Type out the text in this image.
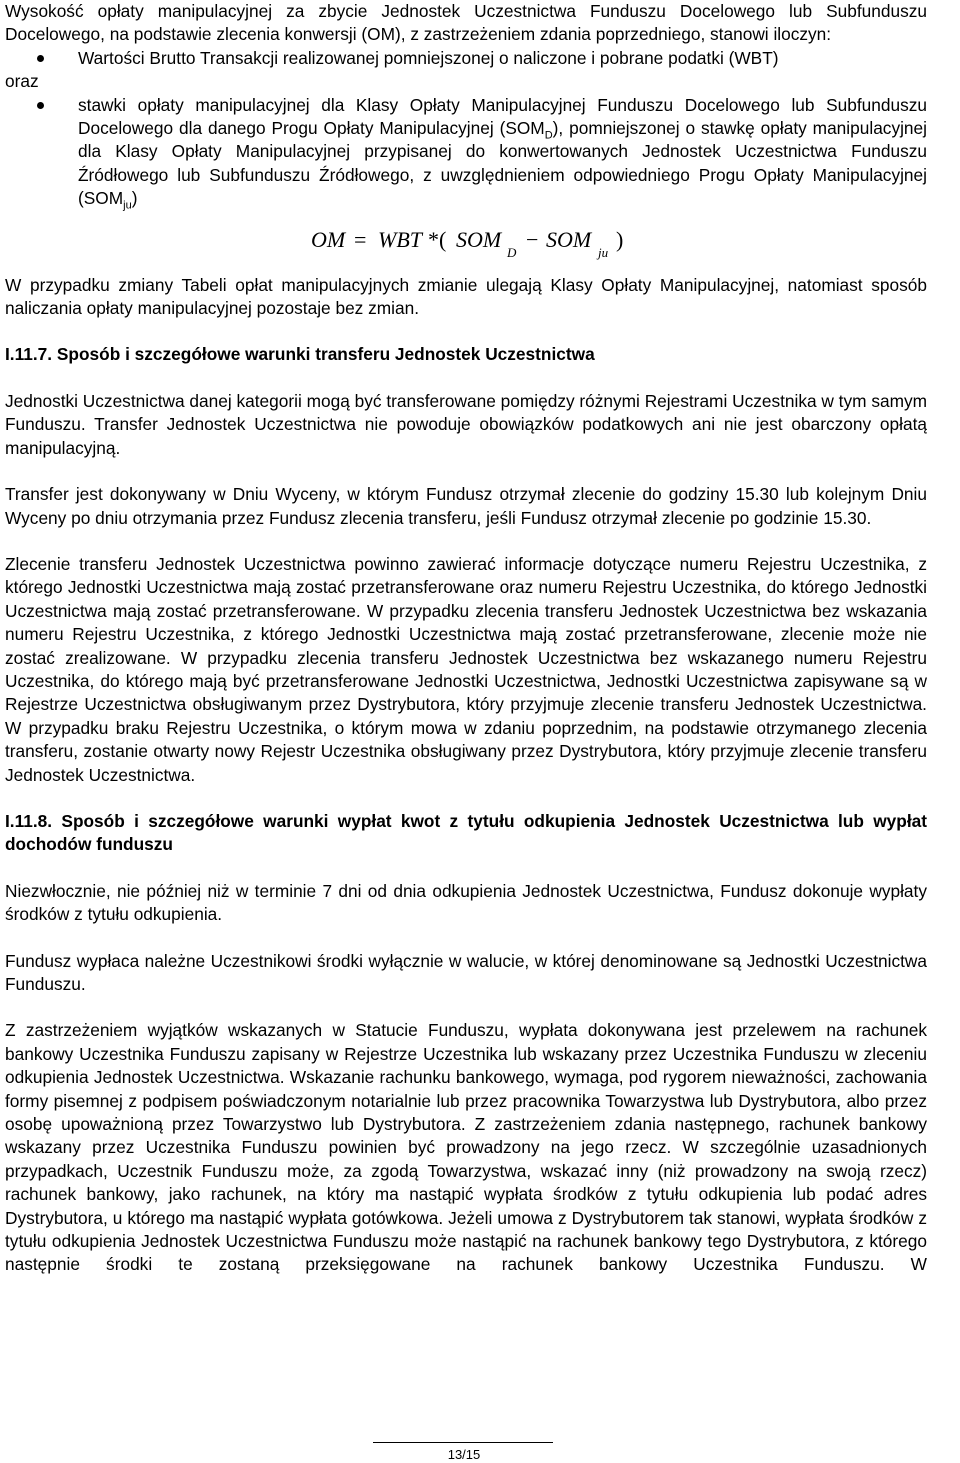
Wysokość opłaty manipulacyjnej za zbycie Jednostek Uczestnictwa Funduszu Docelowego lub Subfunduszu Docelowego, na podstawie zlecenia konwersji (OM), z zastrzeżeniem zdania poprzedniego, stanowi iloczyn:

Wartości Brutto Transakcji realizowanej pomniejszonej o naliczone i pobrane podatki (WBT)
oraz
stawki opłaty manipulacyjnej dla Klasy Opłaty Manipulacyjnej Funduszu Docelowego lub Subfunduszu Docelowego dla danego Progu Opłaty Manipulacyjnej $(SOM_D)$, pomniejszonej o stawkę opłaty manipulacyjnej dla Klasy Opłaty Manipulacyjnej przypisanej do konwertowanych Jednostek Uczestnictwa Funduszu Źródłowego lub Subfunduszu Źródłowego, z uwzględnieniem odpowiedniego Progu Opłaty Manipulacyjnej $(SOM_{ju})$
OM = WBT *( SOM
D
− SOM
ju
)

W przypadku zmiany Tabeli opłat manipulacyjnych zmianie ulegają Klasy Opłaty Manipulacyjnej, natomiast sposób naliczania opłaty manipulacyjnej pozostaje bez zmian.

I.11.7. Sposób i szczegółowe warunki transferu Jednostek Uczestnictwa

Jednostki Uczestnictwa danej kategorii mogą być transferowane pomiędzy różnymi Rejestrami Uczestnika w tym samym Funduszu. Transfer Jednostek Uczestnictwa nie powoduje obowiązków podatkowych ani nie jest obarczony opłatą manipulacyjną.

Transfer jest dokonywany w Dniu Wyceny, w którym Fundusz otrzymał zlecenie do godziny 15.30 lub kolejnym Dniu Wyceny po dniu otrzymania przez Fundusz zlecenia transferu, jeśli Fundusz otrzymał zlecenie po godzinie 15.30.

Zlecenie transferu Jednostek Uczestnictwa powinno zawierać informacje dotyczące numeru Rejestru Uczestnika, z którego Jednostki Uczestnictwa mają zostać przetransferowane oraz numeru Rejestru Uczestnika, do którego Jednostki Uczestnictwa mają zostać przetransferowane. W przypadku zlecenia transferu Jednostek Uczestnictwa bez wskazania numeru Rejestru Uczestnika, z którego Jednostki Uczestnictwa mają zostać przetransferowane, zlecenie może nie zostać zrealizowane. W przypadku zlecenia transferu Jednostek Uczestnictwa bez wskazanego numeru Rejestru Uczestnika, do którego mają być przetransferowane Jednostki Uczestnictwa, Jednostki Uczestnictwa zapisywane są w Rejestrze Uczestnictwa obsługiwanym przez Dystrybutora, który przyjmuje zlecenie transferu Jednostek Uczestnictwa. W przypadku braku Rejestru Uczestnika, o którym mowa w zdaniu poprzednim, na podstawie otrzymanego zlecenia transferu, zostanie otwarty nowy Rejestr Uczestnika obsługiwany przez Dystrybutora, który przyjmuje zlecenie transferu Jednostek Uczestnictwa.

I.11.8. Sposób i szczegółowe warunki wypłat kwot z tytułu odkupienia Jednostek Uczestnictwa lub wypłat dochodów funduszu

Niezwłocznie, nie później niż w terminie 7 dni od dnia odkupienia Jednostek Uczestnictwa, Fundusz dokonuje wypłaty środków z tytułu odkupienia.

Fundusz wypłaca należne Uczestnikowi środki wyłącznie w walucie, w której denominowane są Jednostki Uczestnictwa Funduszu.

Z zastrzeżeniem wyjątków wskazanych w Statucie Funduszu, wypłata dokonywana jest przelewem na rachunek bankowy Uczestnika Funduszu zapisany w Rejestrze Uczestnika lub wskazany przez Uczestnika Funduszu w zleceniu odkupienia Jednostek Uczestnictwa. Wskazanie rachunku bankowego, wymaga, pod rygorem nieważności, zachowania formy pisemnej z podpisem poświadczonym notarialnie lub przez pracownika Towarzystwa lub Dystrybutora, albo przez osobę upoważnioną przez Towarzystwo lub Dystrybutora. Z zastrzeżeniem zdania następnego, rachunek bankowy wskazany przez Uczestnika Funduszu powinien być prowadzony na jego rzecz. W szczególnie uzasadnionych przypadkach, Uczestnik Funduszu może, za zgodą Towarzystwa, wskazać inny (niż prowadzony na swoją rzecz) rachunek bankowy, jako rachunek, na który ma nastąpić wypłata środków z tytułu odkupienia lub podać adres Dystrybutora, u którego ma nastąpić wypłata gotówkowa. Jeżeli umowa z Dystrybutorem tak stanowi, wypłata środków z tytułu odkupienia Jednostek Uczestnictwa Funduszu może nastąpić na rachunek bankowy tego Dystrybutora, z którego następnie środki te zostaną przeksięgowane na rachunek bankowy Uczestnika Funduszu. W

13/15
